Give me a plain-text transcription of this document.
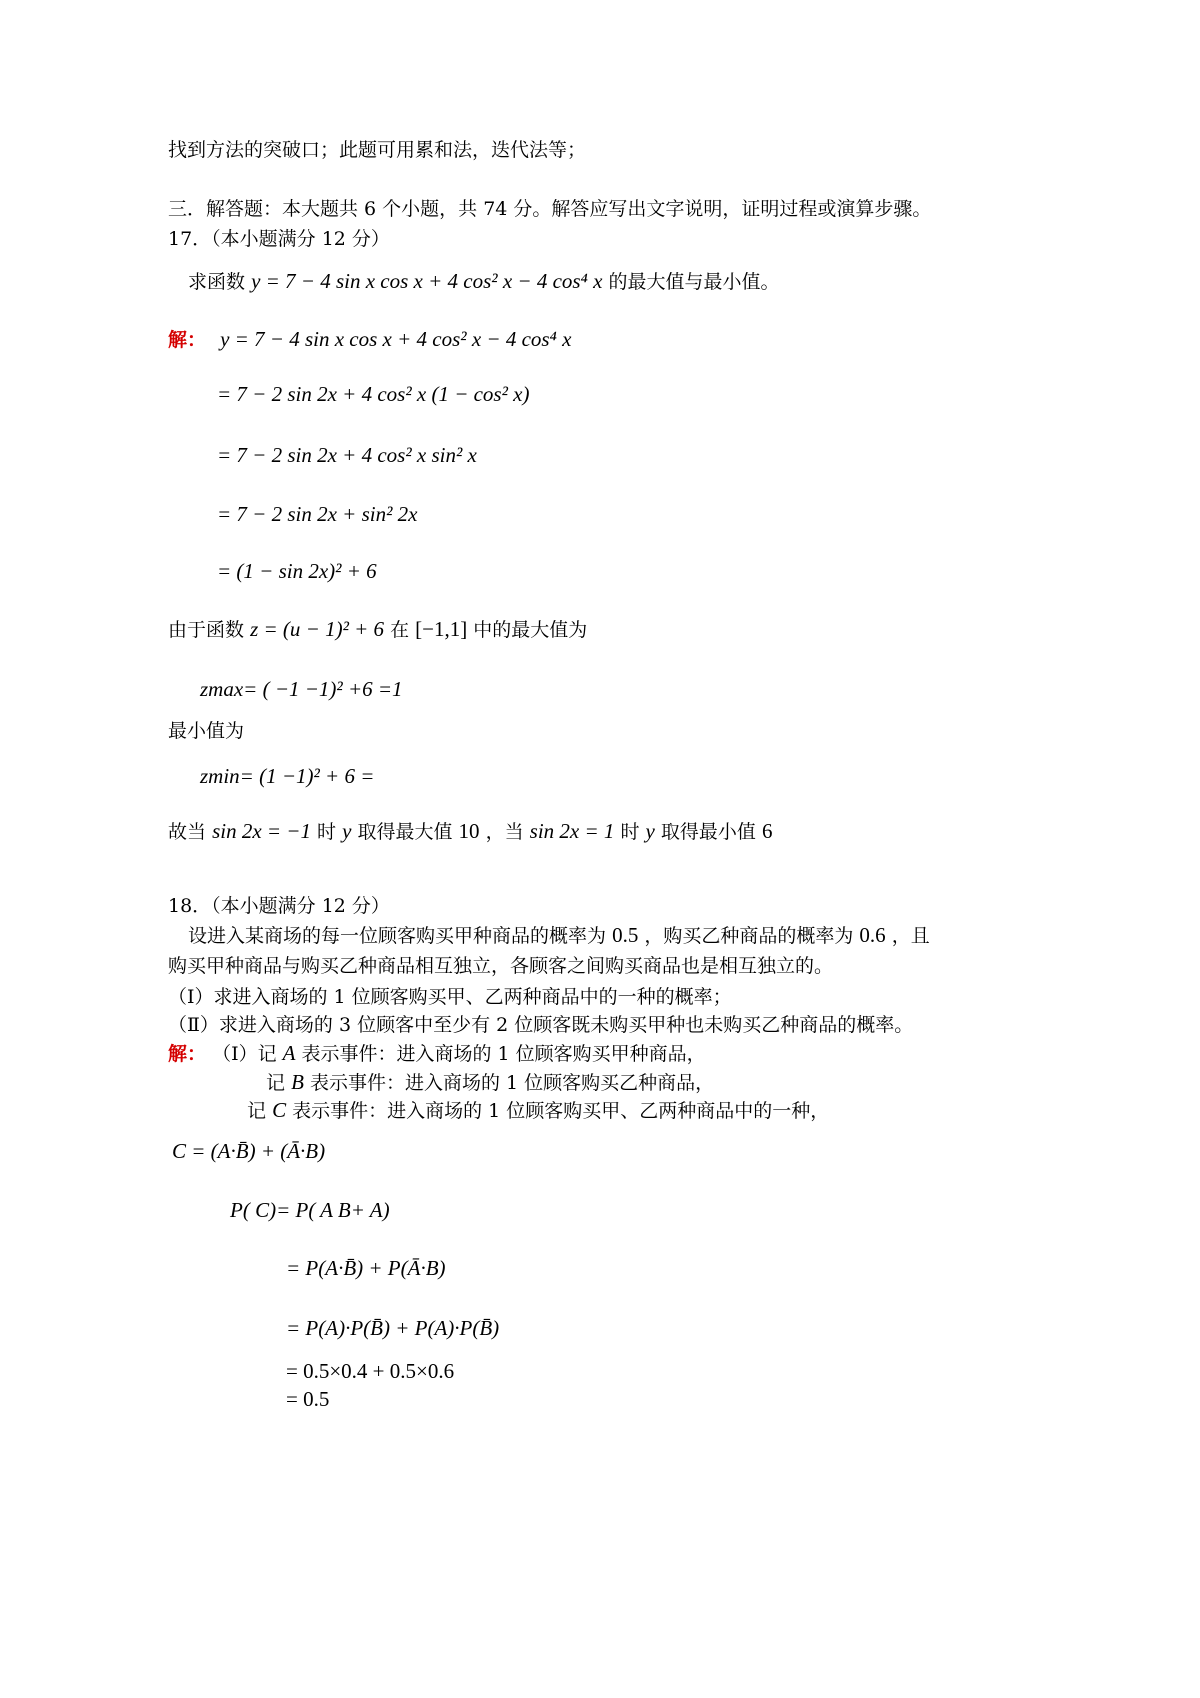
找到方法的突破口；此题可用累和法，迭代法等；
三．解答题：本大题共 6 个小题，共 74 分。解答应写出文字说明，证明过程或演算步骤。
17．（本小题满分 12 分）
求函数 y = 7 − 4 sin x cos x + 4 cos² x − 4 cos⁴ x 的最大值与最小值。
解： y = 7 − 4 sin x cos x + 4 cos² x − 4 cos⁴ x
= 7 − 2 sin 2x + 4 cos² x (1 − cos² x)
= 7 − 2 sin 2x + 4 cos² x sin² x
= 7 − 2 sin 2x + sin² 2x
= (1 − sin 2x)² + 6
由于函数 z = (u − 1)² + 6 在 [−1,1] 中的最大值为
zmax= ( −1 −1)² +6 =1
最小值为
zmin= (1 −1)² + 6 =
故当 sin 2x = −1 时 y 取得最大值 10 ，当 sin 2x = 1 时 y 取得最小值 6
18．（本小题满分 12 分）
设进入某商场的每一位顾客购买甲种商品的概率为 0.5 ，购买乙种商品的概率为 0.6 ，且
购买甲种商品与购买乙种商品相互独立，各顾客之间购买商品也是相互独立的。
（Ⅰ）求进入商场的 1 位顾客购买甲、乙两种商品中的一种的概率；
（Ⅱ）求进入商场的 3 位顾客中至少有 2 位顾客既未购买甲种也未购买乙种商品的概率。
解： （Ⅰ）记 A 表示事件：进入商场的 1 位顾客购买甲种商品，
记 B 表示事件：进入商场的 1 位顾客购买乙种商品，
记 C 表示事件：进入商场的 1 位顾客购买甲、乙两种商品中的一种，
C = (A·B̄) + (Ā·B)
P( C)= P( A B+ A)
= P(A·B̄) + P(Ā·B)
= P(A)·P(B̄) + P(A)·P(B̄)
= 0.5×0.4 + 0.5×0.6
= 0.5
